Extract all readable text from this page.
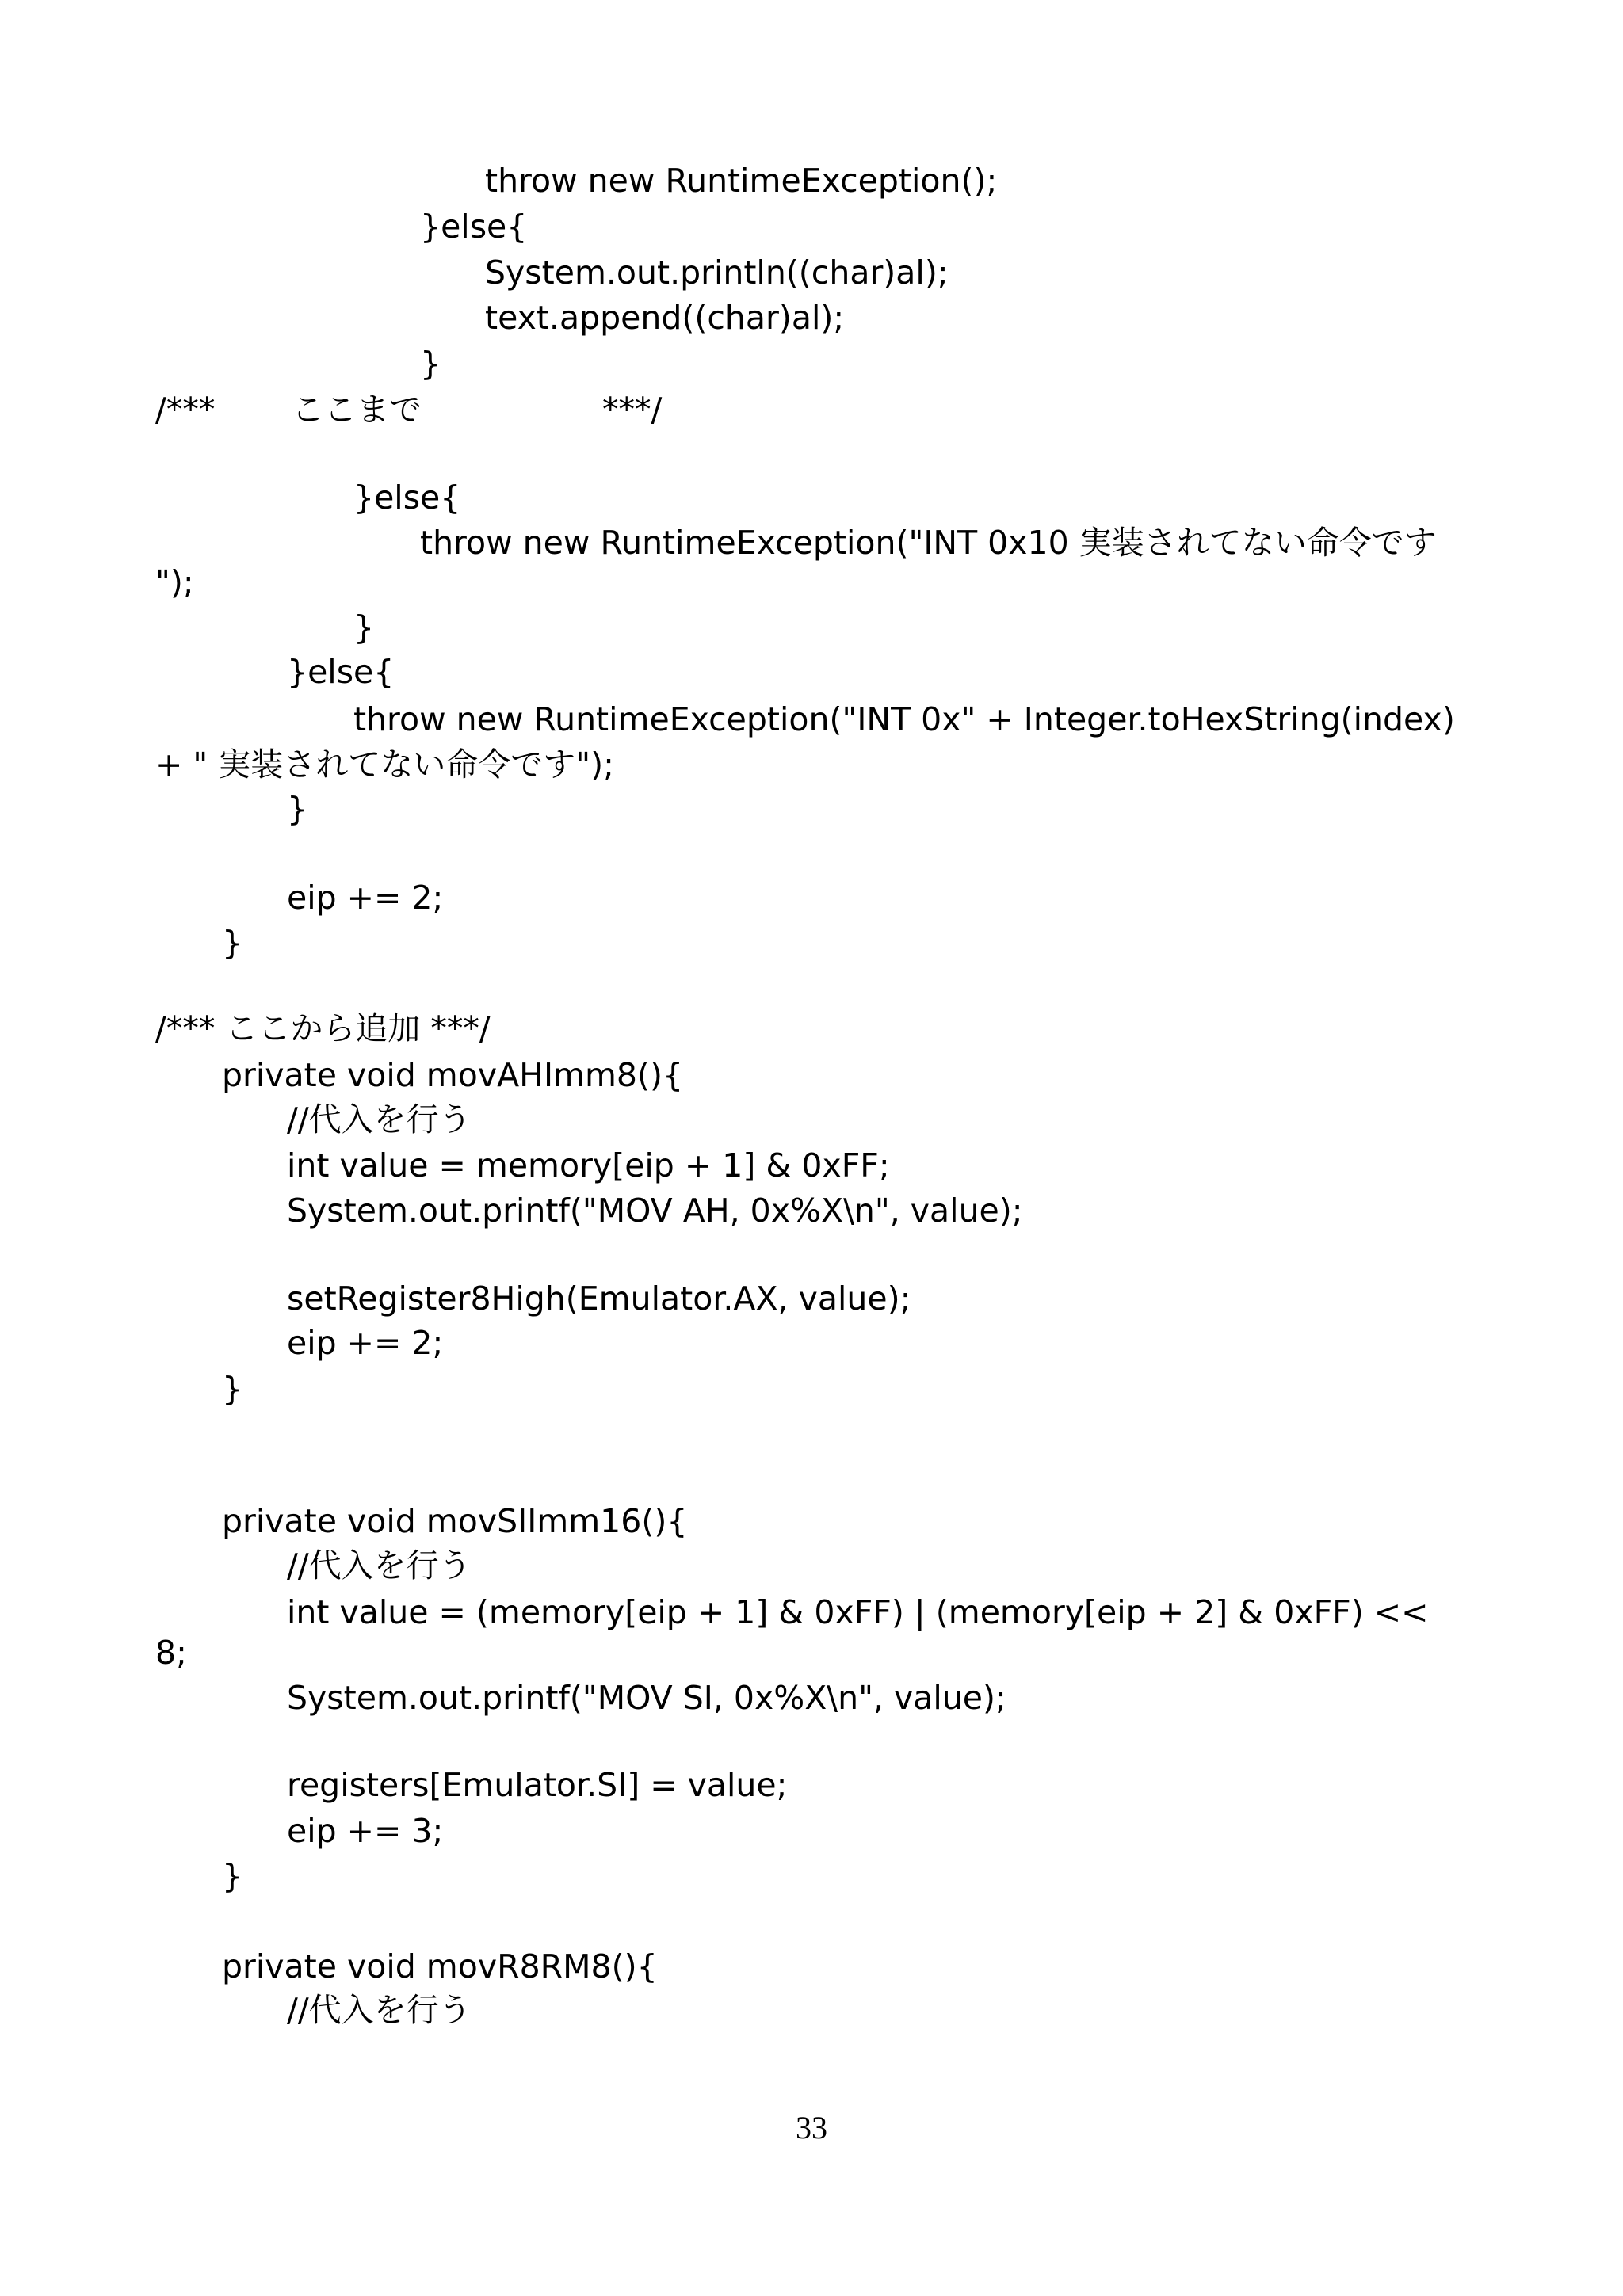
throw new RuntimeException();
}else{
System.out.println((char)al);
text.append((char)al);
}
/*** ここまで	***/
}else{
throw new RuntimeException("INT 0x10 実装されてない命令です
");
}
}else{
throw new RuntimeException("INT 0x" + Integer.toHexString(index)
+ " 実装されてない命令です");
}
eip += 2;
}
/*** ここから追加 ***/
private void movAHImm8(){
//代入を行う
int value = memory[eip + 1] & 0xFF;
System.out.printf("MOV AH, 0x%X\n", value);
setRegister8High(Emulator.AX, value);
eip += 2;
}
private void movSIImm16(){
//代入を行う
int value = (memory[eip + 1] & 0xFF) | (memory[eip + 2] & 0xFF) <<
8;
System.out.printf("MOV SI, 0x%X\n", value);
registers[Emulator.SI] = value;
eip += 3;
}
private void movR8RM8(){
//代入を行う
33
